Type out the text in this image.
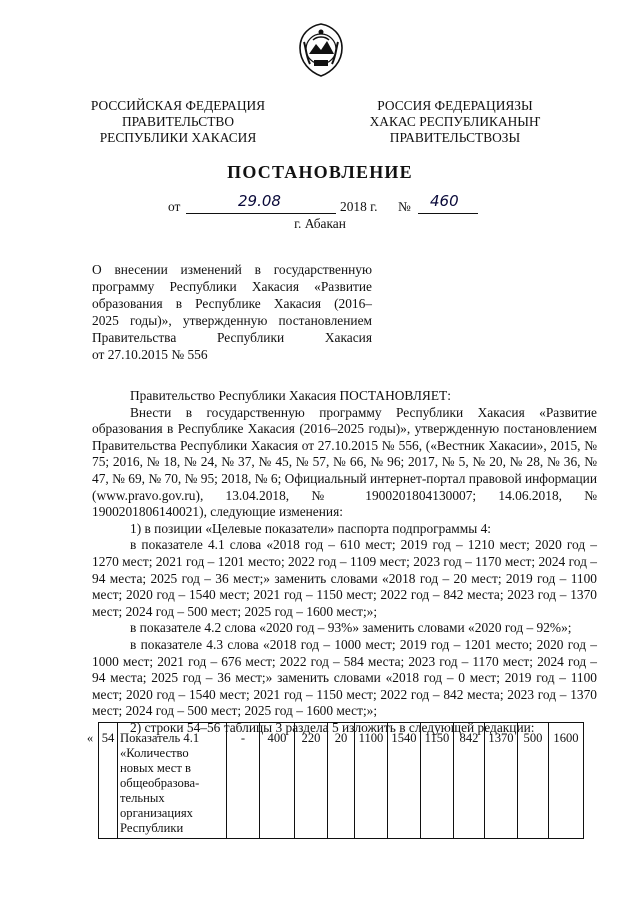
РОССИЙСКАЯ ФЕДЕРАЦИЯ
ПРАВИТЕЛЬСТВО
РЕСПУБЛИКИ ХАКАСИЯ
РОССИЯ ФЕДЕРАЦИЯЗЫ
ХАКАС РЕСПУБЛИКАНЫҤ
ПРАВИТЕЛЬСТВОЗЫ
ПОСТАНОВЛЕНИЕ
от	29.08	2018 г. № 460
г. Абакан
О внесении изменений в государственную
программу Республики Хакасия «Развитие
образования в Республике Хакасия (2016–
2025 годы)», утвержденную постановлением
Правительства Республики Хакасия
от 27.10.2015 № 556

Правительство Республики Хакасия ПОСТАНОВЛЯЕТ:

Внести в государственную программу Республики Хакасия «Развитие образования в Республике Хакасия (2016–2025 годы)», утвержденную постановлением Правительства Республики Хакасия от 27.10.2015 № 556, («Вестник Хакасии», 2015, № 75; 2016, № 18, № 24, № 37, № 45, № 57, № 66, № 96; 2017, № 5, № 20, № 28, № 36, № 47, № 69, № 70, № 95; 2018, № 6; Официальный интернет-портал правовой информации (www.pravo.gov.ru), 13.04.2018, № 1900201804130007; 14.06.2018, № 1900201806140021), следующие изменения:

1) в позиции «Целевые показатели» паспорта подпрограммы 4:

в показателе 4.1 слова «2018 год – 610 мест; 2019 год – 1210 мест; 2020 год – 1270 мест; 2021 год – 1201 место; 2022 год – 1109 мест; 2023 год – 1170 мест; 2024 год – 94 места; 2025 год – 36 мест;» заменить словами «2018 год – 20 мест; 2019 год – 1100 мест; 2020 год – 1540 мест; 2021 год – 1150 мест; 2022 год – 842 места; 2023 год – 1370 мест; 2024 год – 500 мест; 2025 год – 1600 мест;»;

в показателе 4.2 слова «2020 год – 93%» заменить словами «2020 год – 92%»;

в показателе 4.3 слова «2018 год – 1000 мест; 2019 год – 1201 место; 2020 год – 1000 мест; 2021 год – 676 мест; 2022 год – 584 места; 2023 год – 1170 мест; 2024 год – 94 места; 2025 год – 36 мест;» заменить словами «2018 год – 0 мест; 2019 год – 1100 мест; 2020 год – 1540 мест; 2021 год – 1150 мест; 2022 год – 842 места; 2023 год – 1370 мест; 2024 год – 500 мест; 2025 год – 1600 мест;»;

2) строки 54–56 таблицы 3 раздела 5 изложить в следующей редакции:

«	54	Показатель 4.1 «Количество новых мест в общеобразова-тельных организациях Республики	-	400	220	20	1100	1540	1150	842	1370	500	1600
